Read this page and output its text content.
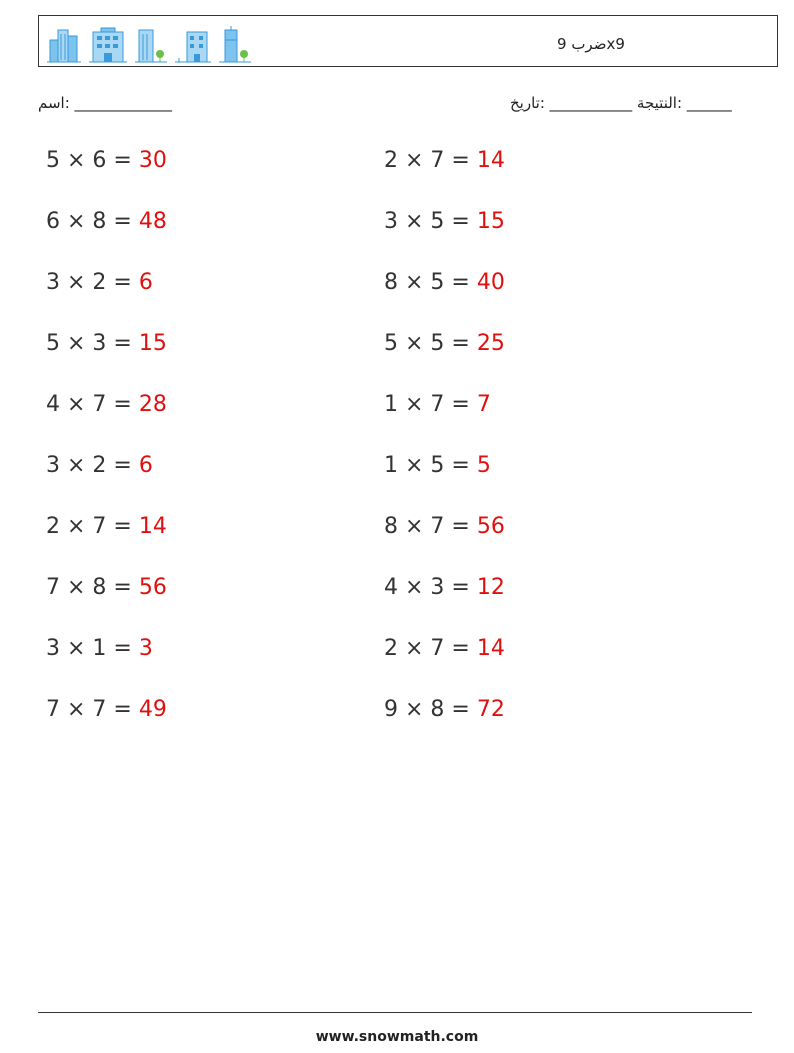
ضرب 9x9
اسم: _____________	النتيجة ___________ :تاريخ: ______
5 × 6 = 30
6 × 8 = 48
3 × 2 = 6
5 × 3 = 15
4 × 7 = 28
3 × 2 = 6
2 × 7 = 14
7 × 8 = 56
3 × 1 = 3
7 × 7 = 49
2 × 7 = 14
3 × 5 = 15
8 × 5 = 40
5 × 5 = 25
1 × 7 = 7
1 × 5 = 5
8 × 7 = 56
4 × 3 = 12
2 × 7 = 14
9 × 8 = 72
www.snowmath.com
